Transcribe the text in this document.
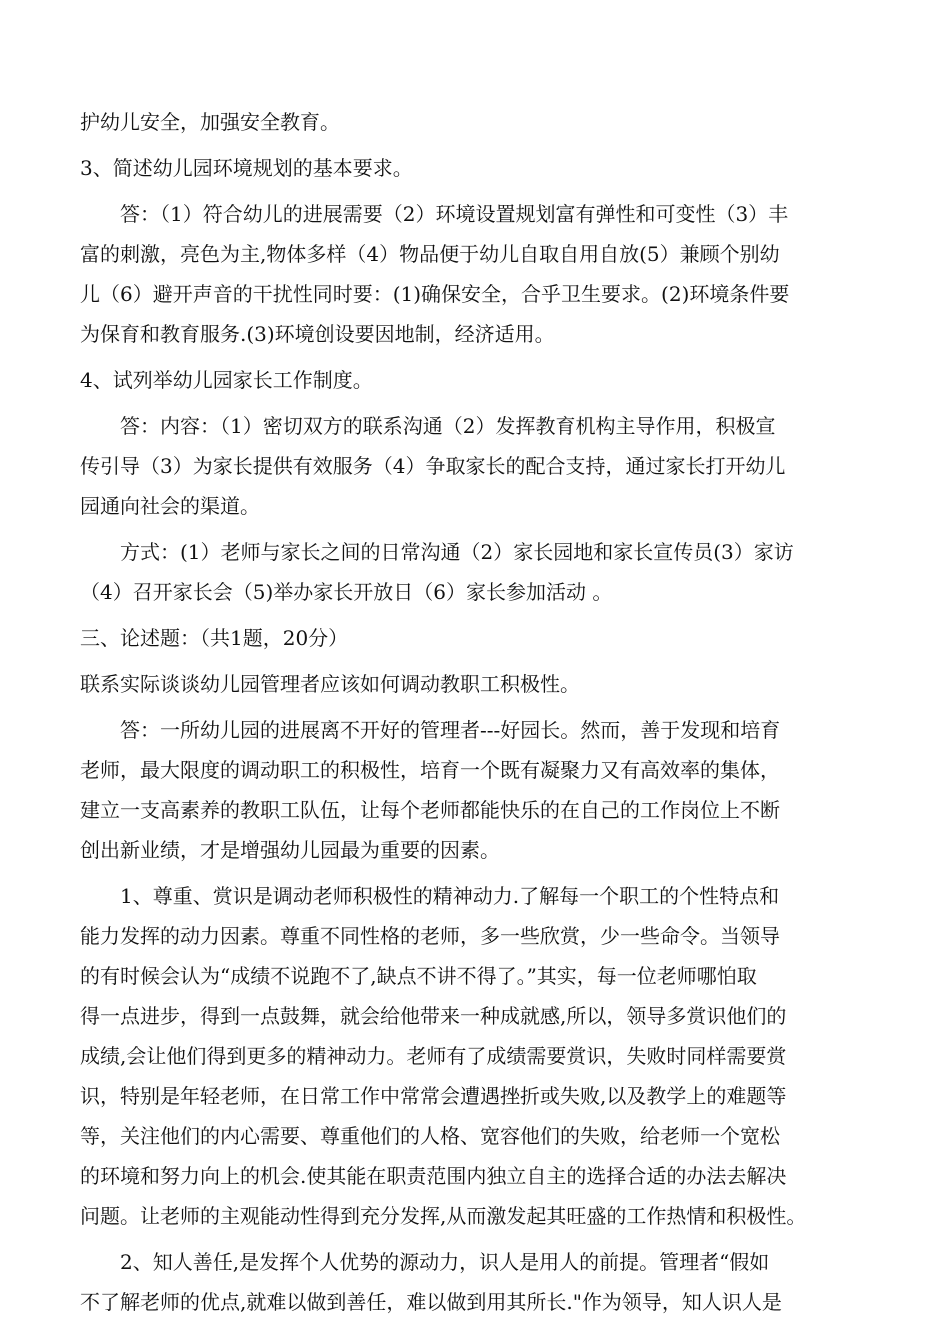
护幼儿安全，加强安全教育。
3、简述幼儿园环境规划的基本要求。
答：（1）符合幼儿的进展需要（2）环境设置规划富有弹性和可变性（3）丰
富的刺激，亮色为主,物体多样（4）物品便于幼儿自取自用自放(5）兼顾个别幼
儿（6）避开声音的干扰性同时要：(1)确保安全，合乎卫生要求。(2)环境条件要
为保育和教育服务.(3)环境创设要因地制，经济适用。
4、试列举幼儿园家长工作制度。
答：内容：（1）密切双方的联系沟通（2）发挥教育机构主导作用，积极宣
传引导（3）为家长提供有效服务（4）争取家长的配合支持，通过家长打开幼儿
园通向社会的渠道。
方式：(1）老师与家长之间的日常沟通（2）家长园地和家长宣传员(3）家访
（4）召开家长会（5)举办家长开放日（6）家长参加活动 。
三、论述题：（共1题，20分）
联系实际谈谈幼儿园管理者应该如何调动教职工积极性。
答：一所幼儿园的进展离不开好的管理者---好园长。然而，善于发现和培育
老师，最大限度的调动职工的积极性，培育一个既有凝聚力又有高效率的集体，
建立一支高素养的教职工队伍，让每个老师都能快乐的在自己的工作岗位上不断
创出新业绩，才是增强幼儿园最为重要的因素。
1、尊重、赏识是调动老师积极性的精神动力.了解每一个职工的个性特点和
能力发挥的动力因素。尊重不同性格的老师，多一些欣赏，少一些命令。当领导
的有时候会认为“成绩不说跑不了,缺点不讲不得了。”其实，每一位老师哪怕取
得一点进步，得到一点鼓舞，就会给他带来一种成就感,所以，领导多赏识他们的
成绩,会让他们得到更多的精神动力。老师有了成绩需要赏识，失败时同样需要赏
识，特别是年轻老师，在日常工作中常常会遭遇挫折或失败,以及教学上的难题等
等，关注他们的内心需要、尊重他们的人格、宽容他们的失败，给老师一个宽松
的环境和努力向上的机会.使其能在职责范围内独立自主的选择合适的办法去解决
问题。让老师的主观能动性得到充分发挥,从而激发起其旺盛的工作热情和积极性。
2、知人善任,是发挥个人优势的源动力，识人是用人的前提。管理者“假如
不了解老师的优点,就难以做到善任，难以做到用其所长."作为领导，知人识人是
